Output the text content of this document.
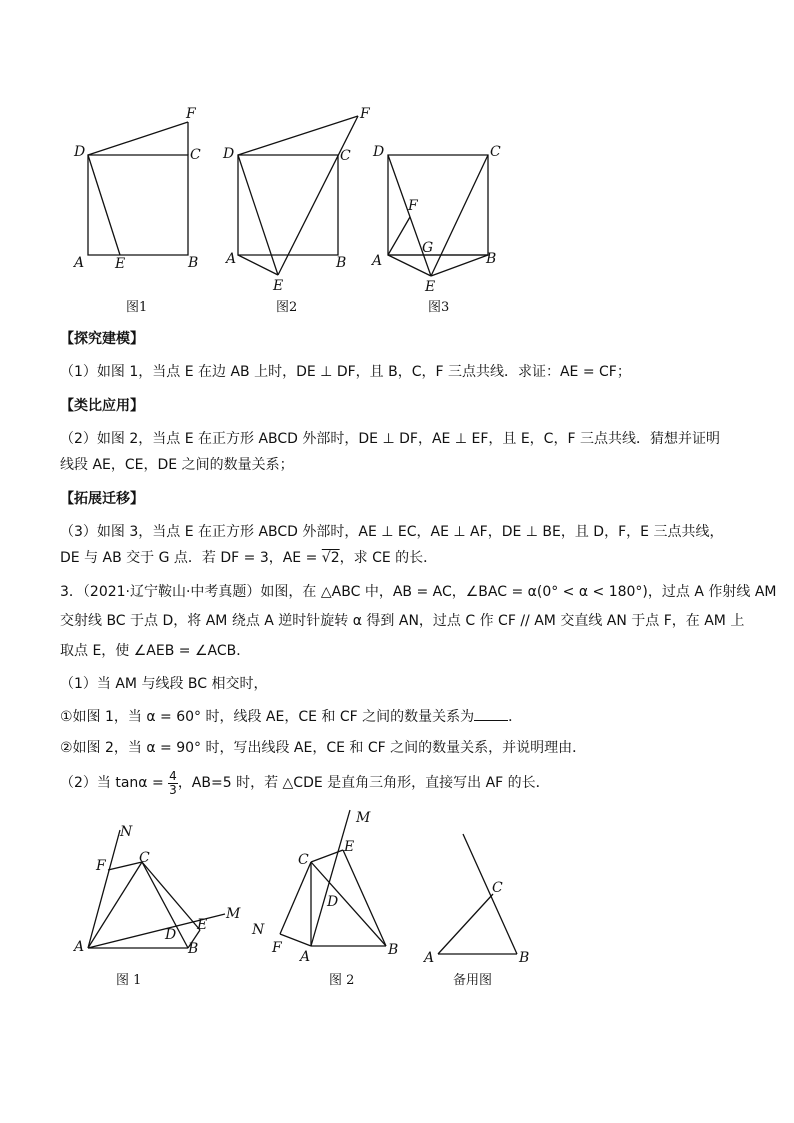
D	C
F
A E	B
图1
D	C
F
A
E
B
图2
D	C
F
G
A
E
B
图3
【探究建模】
（1）如图 1，当点 E 在边 AB 上时，DE ⊥ DF，且 B，C，F 三点共线．求证：AE = CF；
【类比应用】
（2）如图 2，当点 E 在正方形 ABCD 外部时，DE ⊥ DF，AE ⊥ EF，且 E，C，F 三点共线．猜想并证明
线段 AE，CE，DE 之间的数量关系；
【拓展迁移】
（3）如图 3，当点 E 在正方形 ABCD 外部时，AE ⊥ EC，AE ⊥ AF，DE ⊥ BE，且 D，F，E 三点共线，
DE 与 AB 交于 G 点．若 DF = 3，AE = √2，求 CE 的长．
3．（2021·辽宁鞍山·中考真题）如图，在 △ABC 中，AB = AC，∠BAC = α(0° < α < 180°)，过点 A 作射线 AM
交射线 BC 于点 D，将 AM 绕点 A 逆时针旋转 α 得到 AN，过点 C 作 CF // AM 交直线 AN 于点 F，在 AM 上
取点 E，使 ∠AEB = ∠ACB．
（1）当 AM 与线段 BC 相交时，
①如图 1，当 α = 60° 时，线段 AE，CE 和 CF 之间的数量关系为 ．
②如图 2，当 α = 90° 时，写出线段 AE，CE 和 CF 之间的数量关系，并说明理由．
（2）当 $\tan\alpha = \frac{4}{3}$ ，AB=5 时，若 △CDE 是直角三角形，直接写出 AF 的长．
N
F C
M
E
D
A	B
图 1
M
E
C
D
N
F
A	B
图 2
C
A	B
备用图
